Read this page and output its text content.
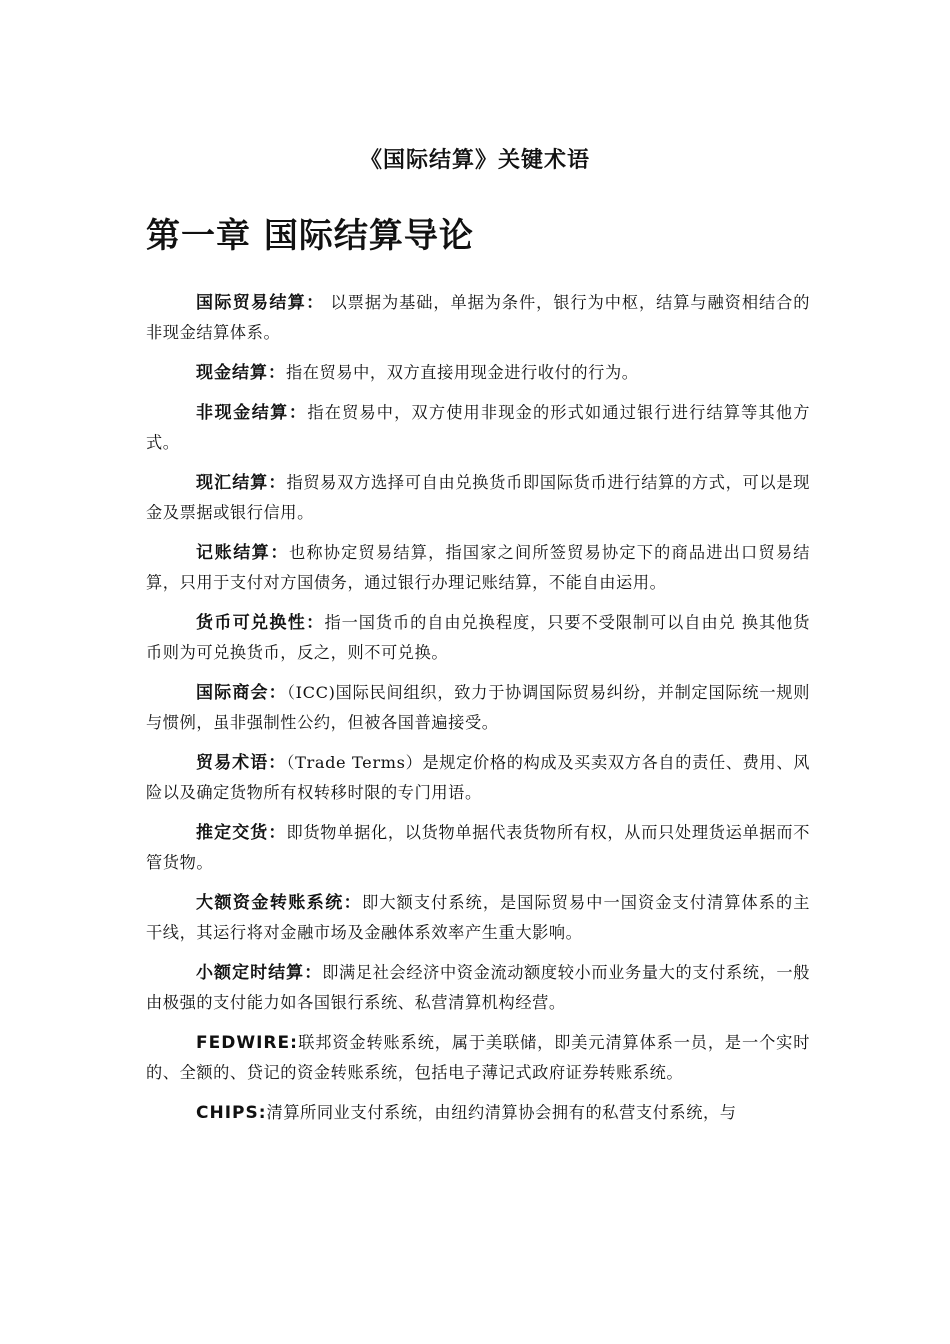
《国际结算》关键术语
第一章 国际结算导论

国际贸易结算： 以票据为基础，单据为条件，银行为中枢，结算与融资相结合的非现金结算体系。

现金结算：指在贸易中，双方直接用现金进行收付的行为。

非现金结算：指在贸易中，双方使用非现金的形式如通过银行进行结算等其他方式。

现汇结算：指贸易双方选择可自由兑换货币即国际货币进行结算的方式，可以是现金及票据或银行信用。

记账结算：也称协定贸易结算，指国家之间所签贸易协定下的商品进出口贸易结算，只用于支付对方国债务，通过银行办理记账结算，不能自由运用。

货币可兑换性：指一国货币的自由兑换程度，只要不受限制可以自由兑 换其他货币则为可兑换货币，反之，则不可兑换。

国际商会：（ICC)国际民间组织，致力于协调国际贸易纠纷，并制定国际统一规则与惯例，虽非强制性公约，但被各国普遍接受。

贸易术语：（Trade Terms）是规定价格的构成及买卖双方各自的责任、费用、风险以及确定货物所有权转移时限的专门用语。

推定交货：即货物单据化，以货物单据代表货物所有权，从而只处理货运单据而不管货物。

大额资金转账系统：即大额支付系统，是国际贸易中一国资金支付清算体系的主干线，其运行将对金融市场及金融体系效率产生重大影响。

小额定时结算：即满足社会经济中资金流动额度较小而业务量大的支付系统，一般由极强的支付能力如各国银行系统、私营清算机构经营。

FEDWIRE:联邦资金转账系统，属于美联储，即美元清算体系一员，是一个实时的、全额的、贷记的资金转账系统，包括电子薄记式政府证券转账系统。

CHIPS:清算所同业支付系统，由纽约清算协会拥有的私营支付系统，与
